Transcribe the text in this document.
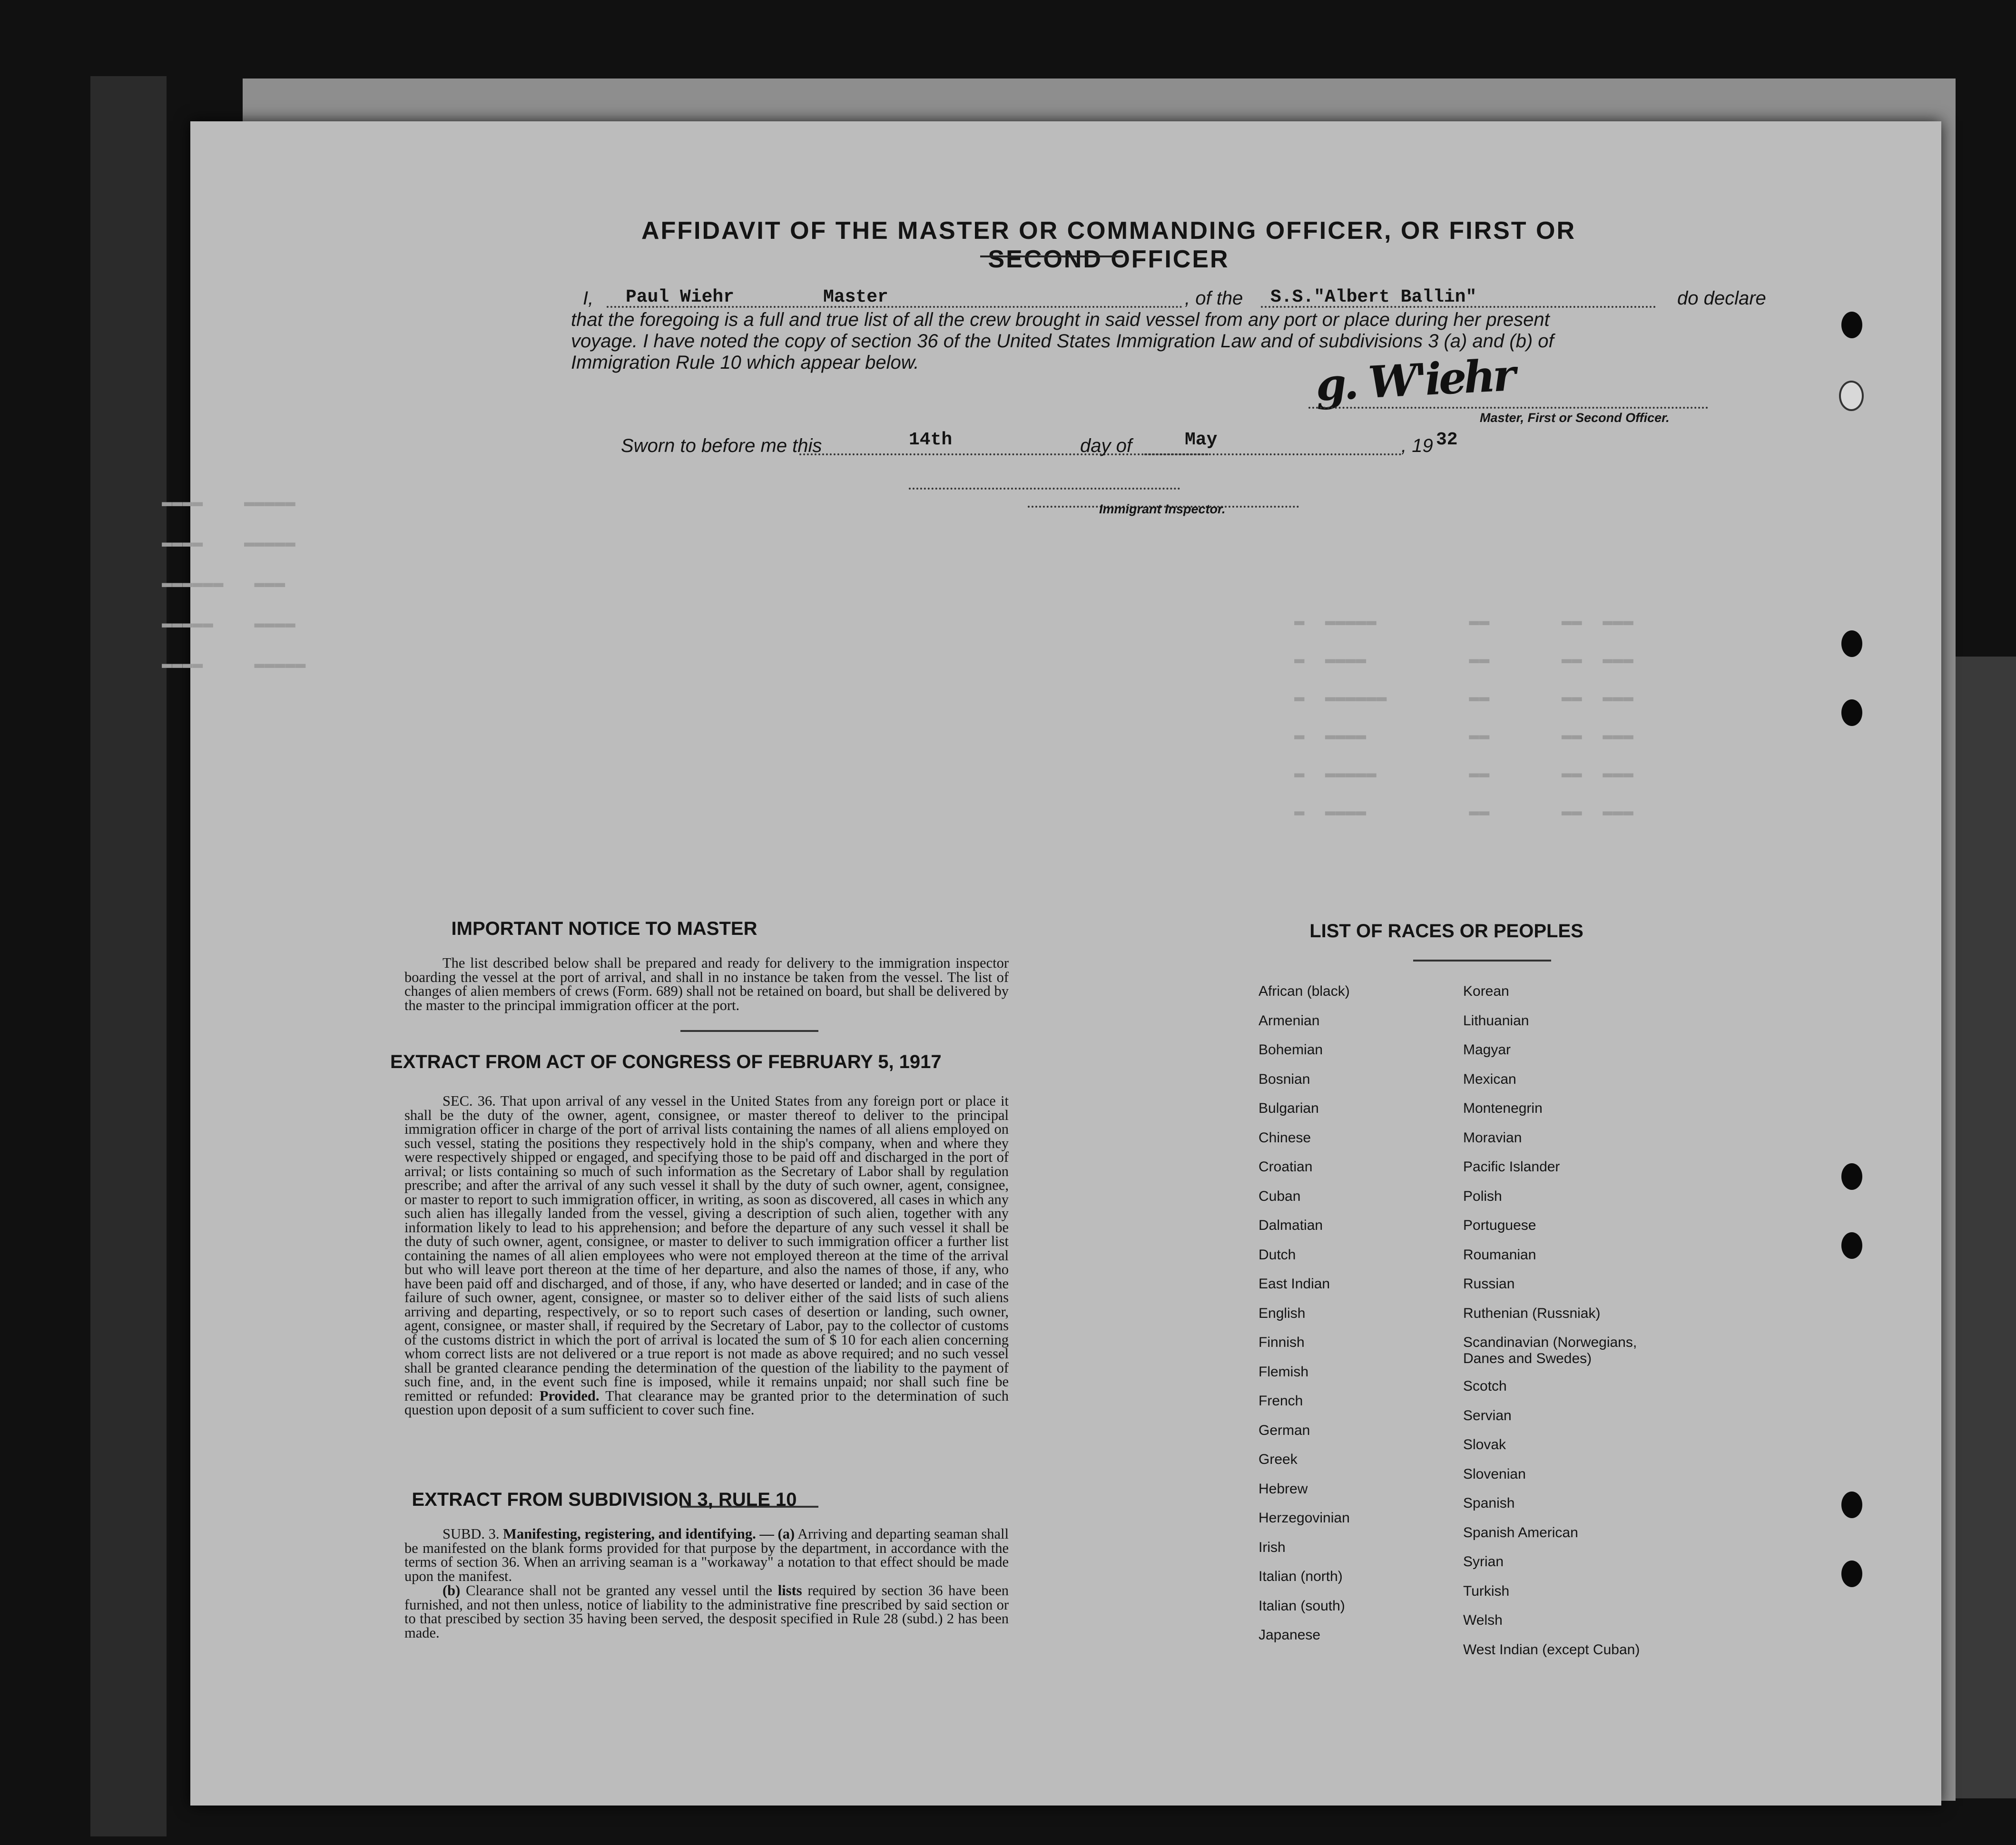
▬▬▬▬    ▬▬▬▬▬
▬▬▬▬    ▬▬▬▬▬
▬▬▬▬▬▬   ▬▬▬
▬▬▬▬▬    ▬▬▬▬
▬▬▬▬     ▬▬▬▬▬
▬  ▬▬▬▬▬         ▬▬       ▬▬  ▬▬▬
▬  ▬▬▬▬          ▬▬       ▬▬  ▬▬▬
▬  ▬▬▬▬▬▬        ▬▬       ▬▬  ▬▬▬
▬  ▬▬▬▬          ▬▬       ▬▬  ▬▬▬
▬  ▬▬▬▬▬         ▬▬       ▬▬  ▬▬▬
▬  ▬▬▬▬          ▬▬       ▬▬  ▬▬▬
AFFIDAVIT OF THE MASTER OR COMMANDING OFFICER, OR FIRST OR SECOND OFFICER
I, Paul Wiehr	Master	, of the S.S."Albert Ballin"	do declare
that the foregoing is a full and true list of all the crew brought in said vessel from any port or place during her present
voyage. I have noted the copy of section 36 of the United States Immigration Law and of subdivisions 3 (a) and (b) of
Immigration Rule 10 which appear below.	g. W'iehr
Master, First or Second Officer.
Sworn to before me this	14th	day of	May	, 19 32
Immigrant Inspector.
IMPORTANT NOTICE TO MASTER
The list described below shall be prepared and ready for delivery to the immigration inspector boarding the vessel at the port of arrival, and shall in no instance be taken from the vessel. The list of changes of alien members of crews (Form. 689) shall not be retained on board, but shall be delivered by the master to the principal immigration officer at the port.
EXTRACT FROM ACT OF CONGRESS OF FEBRUARY 5, 1917
SEC. 36. That upon arrival of any vessel in the United States from any foreign port or place it shall be the duty of the owner, agent, consignee, or master thereof to deliver to the principal immigration officer in charge of the port of arrival lists containing the names of all aliens employed on such vessel, stating the positions they respectively hold in the ship's company, when and where they were respectively shipped or engaged, and specifying those to be paid off and discharged in the port of arrival; or lists containing so much of such information as the Secretary of Labor shall by regulation prescribe; and after the arrival of any such vessel it shall by the duty of such owner, agent, consignee, or master to report to such immigration officer, in writing, as soon as discovered, all cases in which any such alien has illegally landed from the vessel, giving a description of such alien, together with any information likely to lead to his apprehension; and before the departure of any such vessel it shall be the duty of such owner, agent, consignee, or master to deliver to such immigration officer a further list containing the names of all alien employees who were not employed thereon at the time of the arrival but who will leave port thereon at the time of her departure, and also the names of those, if any, who have been paid off and discharged, and of those, if any, who have deserted or landed; and in case of the failure of such owner, agent, consignee, or master so to deliver either of the said lists of such aliens arriving and departing, respectively, or so to report such cases of desertion or landing, such owner, agent, consignee, or master shall, if required by the Secretary of Labor, pay to the collector of customs of the customs district in which the port of arrival is located the sum of $ 10 for each alien concerning whom correct lists are not delivered or a true report is not made as above required; and no such vessel shall be granted clearance pending the determination of the question of the liability to the payment of such fine, and, in the event such fine is imposed, while it remains unpaid; nor shall such fine be remitted or refunded: Provided. That clearance may be granted prior to the determination of such question upon deposit of a sum sufficient to cover such fine.
EXTRACT FROM SUBDIVISION 3, RULE 10
SUBD. 3. Manifesting, registering, and identifying. — (a) Arriving and departing seaman shall be manifested on the blank forms provided for that purpose by the department, in accordance with the terms of section 36. When an arriving seaman is a "workaway" a notation to that effect should be made upon the manifest.
(b) Clearance shall not be granted any vessel until the lists required by section 36 have been furnished, and not then unless, notice of liability to the administrative fine prescribed by said section or to that prescibed by section 35 having been served, the desposit specified in Rule 28 (subd.) 2 has been made.
LIST OF RACES OR PEOPLES
African (black)
Armenian
Bohemian
Bosnian
Bulgarian
Chinese
Croatian
Cuban
Dalmatian
Dutch
East Indian
English
Finnish
Flemish
French
German
Greek
Hebrew
Herzegovinian
Irish
Italian (north)
Italian (south)
Japanese
Korean
Lithuanian
Magyar
Mexican
Montenegrin
Moravian
Pacific Islander
Polish
Portuguese
Roumanian
Russian
Ruthenian (Russniak)
Scandinavian (Norwegians, Danes and Swedes)
Scotch
Servian
Slovak
Slovenian
Spanish
Spanish American
Syrian
Turkish
Welsh
West Indian (except Cuban)
